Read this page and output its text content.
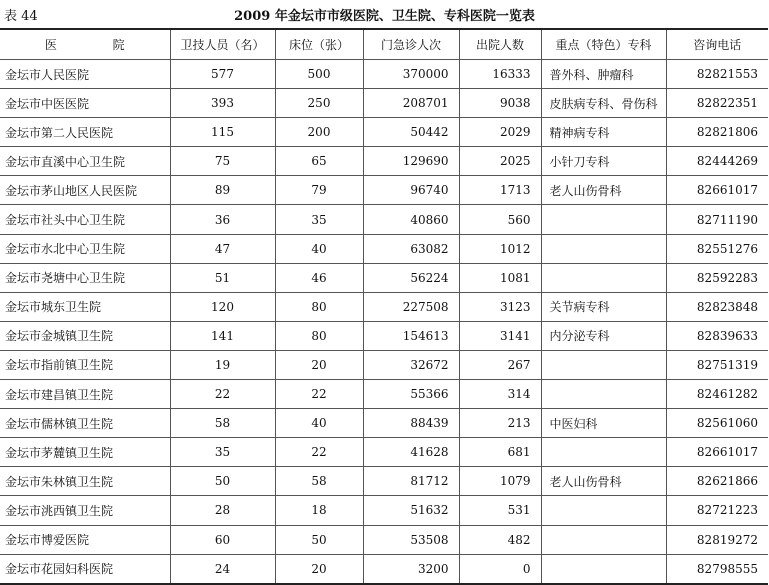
表 44	2009 年金坛市市级医院、卫生院、专科医院一览表
医 院	卫技人员（名）	床位（张）	门急诊人次	出院人数	重点（特色）专科	咨询电话
金坛市人民医院	577	500	370000	16333	普外科、肿瘤科	82821553
金坛市中医医院	393	250	208701	9038	皮肤病专科、骨伤科	82822351
金坛市第二人民医院	115	200	50442	2029	精神病专科	82821806
金坛市直溪中心卫生院	75	65	129690	2025	小针刀专科	82444269
金坛市茅山地区人民医院	89	79	96740	1713	老人山伤骨科	82661017
金坛市社头中心卫生院	36	35	40860	560		82711190
金坛市水北中心卫生院	47	40	63082	1012		82551276
金坛市尧塘中心卫生院	51	46	56224	1081		82592283
金坛市城东卫生院	120	80	227508	3123	关节病专科	82823848
金坛市金城镇卫生院	141	80	154613	3141	内分泌专科	82839633
金坛市指前镇卫生院	19	20	32672	267		82751319
金坛市建昌镇卫生院	22	22	55366	314		82461282
金坛市儒林镇卫生院	58	40	88439	213	中医妇科	82561060
金坛市茅麓镇卫生院	35	22	41628	681		82661017
金坛市朱林镇卫生院	50	58	81712	1079	老人山伤骨科	82621866
金坛市洮西镇卫生院	28	18	51632	531		82721223
金坛市博爱医院	60	50	53508	482		82819272
金坛市花园妇科医院	24	20	3200	0		82798555
